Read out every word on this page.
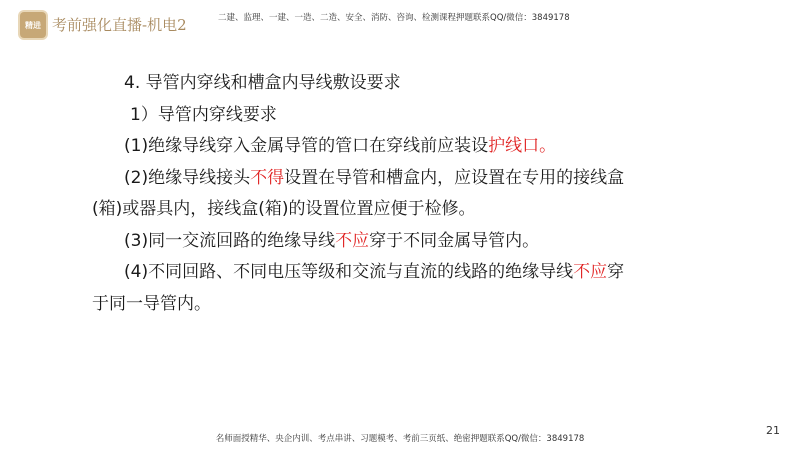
精进 考前强化直播-机电2	二建、监理、一建、一造、二造、安全、消防、咨询、检测课程押题联系QQ/微信：3849178

4. 导管内穿线和槽盒内导线敷设要求

1）导管内穿线要求

(1)绝缘导线穿入金属导管的管口在穿线前应装设护线口。

(2)绝缘导线接头不得设置在导管和槽盒内，应设置在专用的接线盒

(箱)或器具内，接线盒(箱)的设置位置应便于检修。

(3)同一交流回路的绝缘导线不应穿于不同金属导管内。

(4)不同回路、不同电压等级和交流与直流的线路的绝缘导线不应穿

于同一导管内。

21
名师面授精华、央企内训、考点串讲、习题模考、考前三页纸、绝密押题联系QQ/微信：3849178
